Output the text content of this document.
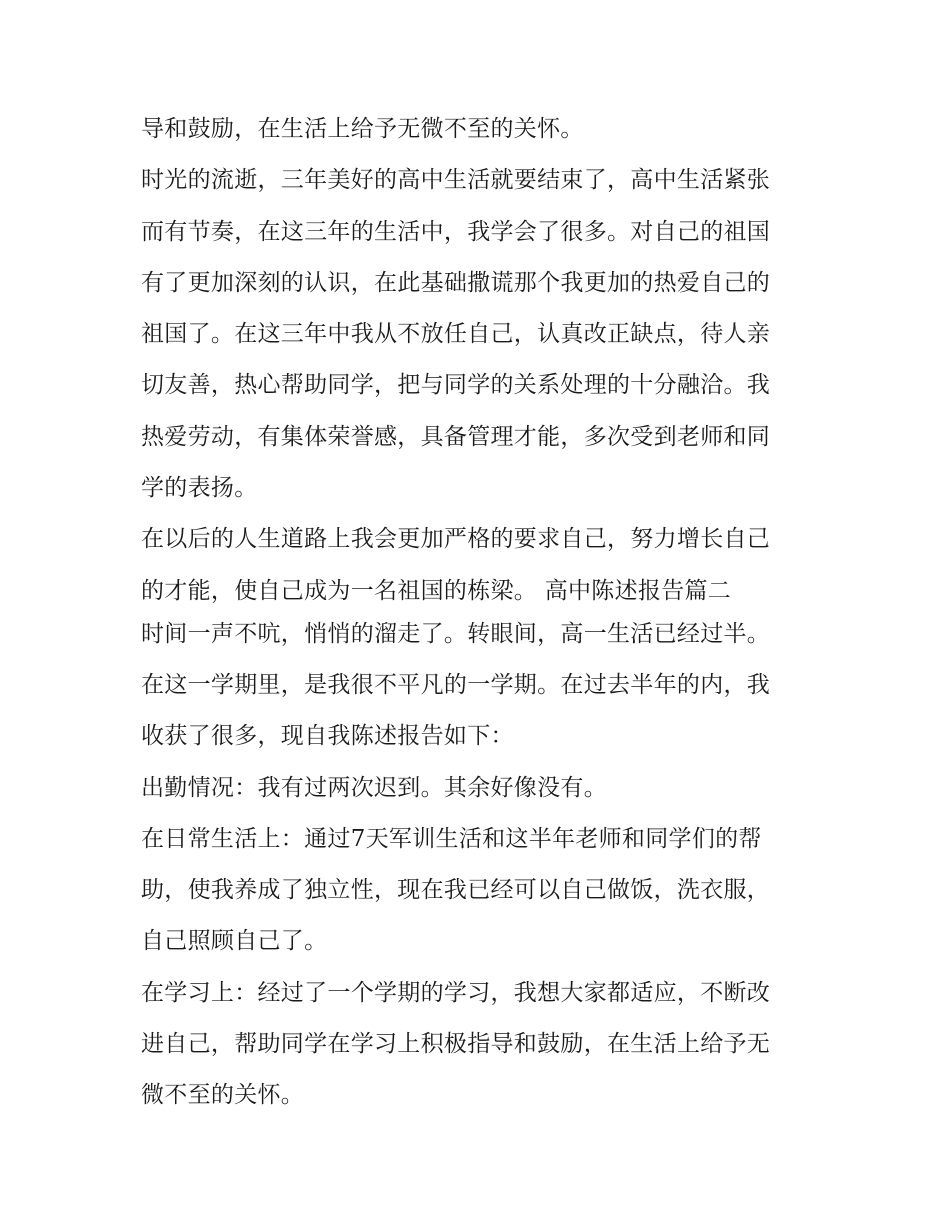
导和鼓励，在生活上给予无微不至的关怀。
时光的流逝，三年美好的高中生活就要结束了，高中生活紧张
而有节奏，在这三年的生活中，我学会了很多。对自己的祖国
有了更加深刻的认识，在此基础撒谎那个我更加的热爱自己的
祖国了。在这三年中我从不放任自己，认真改正缺点，待人亲
切友善，热心帮助同学，把与同学的关系处理的十分融洽。我
热爱劳动，有集体荣誉感，具备管理才能，多次受到老师和同
学的表扬。
在以后的人生道路上我会更加严格的要求自己，努力增长自己
的才能，使自己成为一名祖国的栋梁。 高中陈述报告篇二
时间一声不吭，悄悄的溜走了。转眼间，高一生活已经过半。
在这一学期里，是我很不平凡的一学期。在过去半年的内，我
收获了很多，现自我陈述报告如下：
出勤情况：我有过两次迟到。其余好像没有。
在日常生活上：通过7天军训生活和这半年老师和同学们的帮
助，使我养成了独立性，现在我已经可以自己做饭，洗衣服，
自己照顾自己了。
在学习上：经过了一个学期的学习，我想大家都适应，不断改
进自己，帮助同学在学习上积极指导和鼓励，在生活上给予无
微不至的关怀。
